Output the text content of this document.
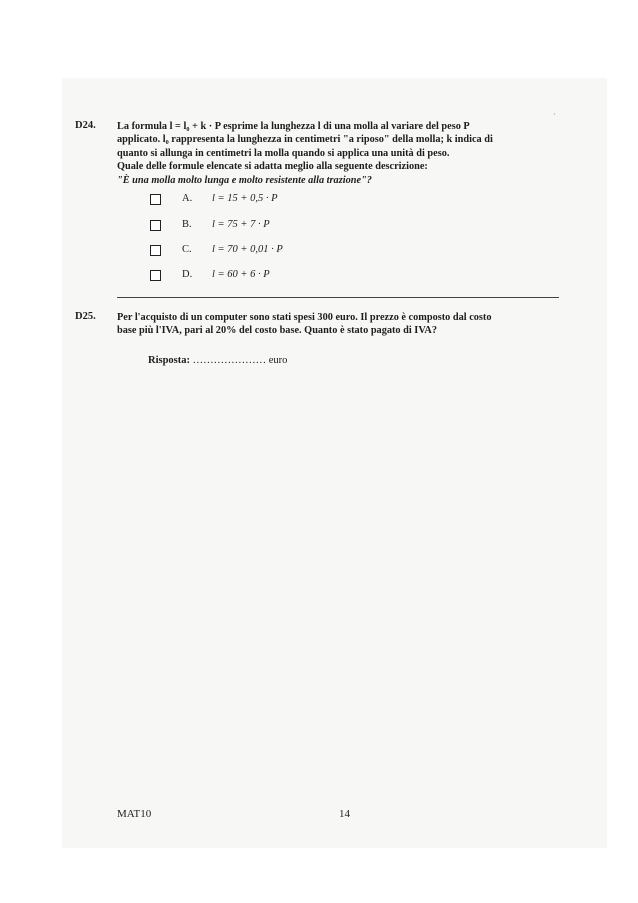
·
D24. La formula l = l₀ + k · P esprime la lunghezza l di una molla al variare del peso P

applicato. l₀ rappresenta la lunghezza in centimetri "a riposo" della molla; k indica di

quanto si allunga in centimetri la molla quando si applica una unità di peso.

Quale delle formule elencate si adatta meglio alla seguente descrizione:

"È una molla molto lunga e molto resistente alla trazione"?

A. l = 15 + 0,5 · P
B. l = 75 + 7 · P
C. l = 70 + 0,01 · P
D. l = 60 + 6 · P
D25. Per l'acquisto di un computer sono stati spesi 300 euro. Il prezzo è composto dal costo

base più l'IVA, pari al 20% del costo base. Quanto è stato pagato di IVA?

Risposta: ………………… euro
MAT10	14
